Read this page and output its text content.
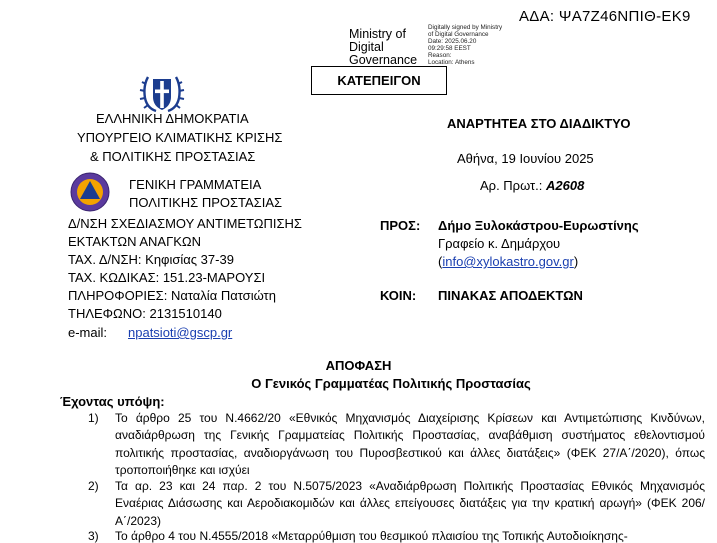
ΑΔΑ: ΨΑ7Ζ46ΝΠΙΘ-ΕΚ9
Ministry of Digital Governance
Digitally signed by Ministry
of Digital Governance
Date: 2025.06.20
09:29:58 EEST
Reason:
Location: Athens
ΚΑΤΕΠΕΙΓΟΝ
ΕΛΛΗΝΙΚΗ ΔΗΜΟΚΡΑΤΙΑ
ΥΠΟΥΡΓΕΙΟ ΚΛΙΜΑΤΙΚΗΣ ΚΡΙΣΗΣ
& ΠΟΛΙΤΙΚΗΣ ΠΡΟΣΤΑΣΙΑΣ
ΓΕΝΙΚΗ ΓΡΑΜΜΑΤΕΙΑ
ΠΟΛΙΤΙΚΗΣ ΠΡΟΣΤΑΣΙΑΣ
Δ/ΝΣΗ ΣΧΕΔΙΑΣΜΟΥ ΑΝΤΙΜΕΤΩΠΙΣΗΣ
ΕΚΤΑΚΤΩΝ ΑΝΑΓΚΩΝ
ΤΑΧ. Δ/ΝΣΗ: Κηφισίας 37-39
ΤΑΧ. ΚΩΔΙΚΑΣ: 151.23-ΜΑΡΟΥΣΙ
ΠΛΗΡΟΦΟΡΙΕΣ: Ναταλία Πατσιώτη
ΤΗΛΕΦΩΝΟ: 2131510140
e-mail: npatsioti@gscp.gr
ΑΝΑΡΤΗΤΕΑ ΣΤΟ ΔΙΑΔΙΚΤΥΟ
Αθήνα, 19 Ιουνίου 2025
Αρ. Πρωτ.: Α2608
ΠΡΟΣ: Δήμο Ξυλοκάστρου-Ευρωστίνης
Γραφείο κ. Δημάρχου
(info@xylokastro.gov.gr)
ΚΟΙΝ: ΠΙΝΑΚΑΣ ΑΠΟΔΕΚΤΩΝ
ΑΠΟΦΑΣΗ
Ο Γενικός Γραμματέας Πολιτικής Προστασίας
Έχοντας υπόψη:
1) Το άρθρο 25 του Ν.4662/20 «Εθνικός Μηχανισμός Διαχείρισης Κρίσεων και Αντιμετώπισης Κινδύνων, αναδιάρθρωση της Γενικής Γραμματείας Πολιτικής Προστασίας, αναβάθμιση συστήματος εθελοντισμού πολιτικής προστασίας, αναδιοργάνωση του Πυροσβεστικού και άλλες διατάξεις» (ΦΕΚ 27/Α΄/2020), όπως τροποποιήθηκε και ισχύει
2) Τα αρ. 23 και 24 παρ. 2 του Ν.5075/2023 «Αναδιάρθρωση Πολιτικής Προστασίας Εθνικός Μηχανισμός Εναέριας Διάσωσης και Αεροδιακομιδών και άλλες επείγουσες διατάξεις για την κρατική αρωγή» (ΦΕΚ 206/Α΄/2023)
3) Το άρθρο 4 του Ν.4555/2018 «Μεταρρύθμιση του θεσμικού πλαισίου της Τοπικής Αυτοδιοίκησης-
